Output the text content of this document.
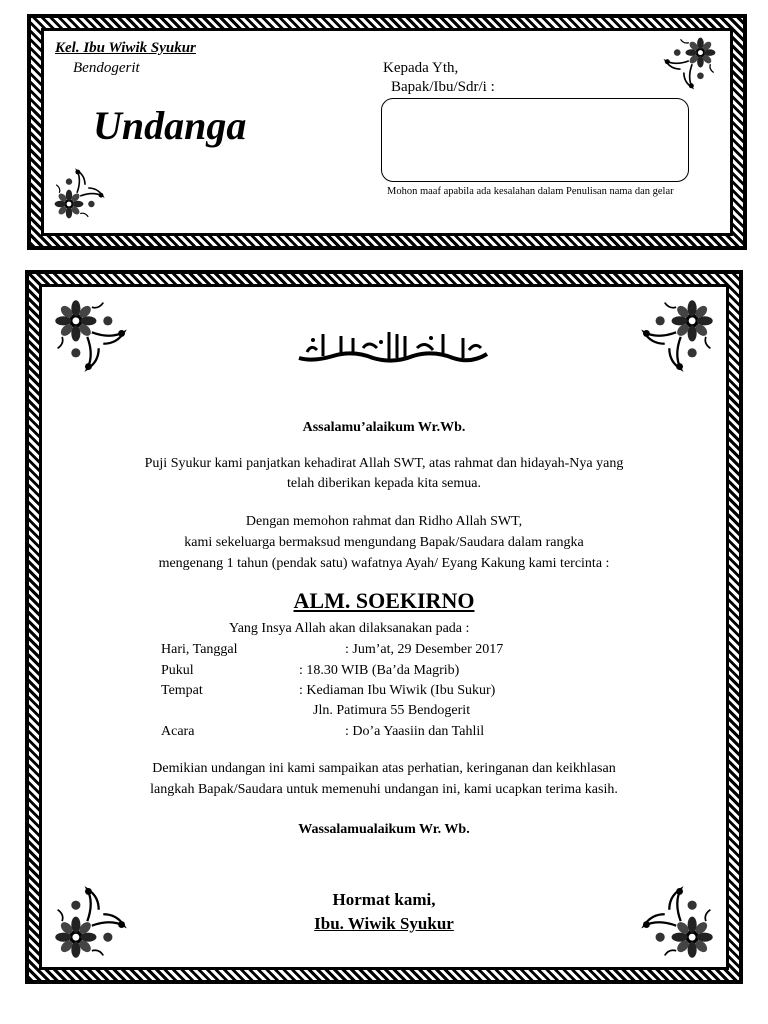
Kel. Ibu Wiwik Syukur
Bendogerit
Undanga
Kepada Yth,
Bapak/Ibu/Sdr/i :
Mohon maaf apabila ada kesalahan dalam Penulisan nama dan gelar
Assalamu’alaikum Wr.Wb.
Puji Syukur kami panjatkan kehadirat Allah SWT, atas rahmat dan hidayah-Nya yang
telah diberikan kepada kita semua.
Dengan memohon rahmat dan Ridho Allah SWT,
kami sekeluarga bermaksud mengundang Bapak/Saudara dalam rangka
mengenang 1 tahun (pendak satu) wafatnya Ayah/ Eyang Kakung kami tercinta :
ALM. SOEKIRNO
Yang Insya Allah akan dilaksanakan pada :
Hari, Tanggal	: Jum’at, 29 Desember 2017
Pukul	: 18.30 WIB (Ba’da Magrib)
Tempat	: Kediaman Ibu Wiwik (Ibu Sukur)
Jln. Patimura 55 Bendogerit
Acara	: Do’a Yaasiin dan Tahlil
Demikian undangan ini kami sampaikan atas perhatian, keringanan dan keikhlasan
langkah Bapak/Saudara untuk memenuhi undangan ini, kami ucapkan terima kasih.
Wassalamualaikum Wr. Wb.
Hormat kami,
Ibu. Wiwik Syukur
